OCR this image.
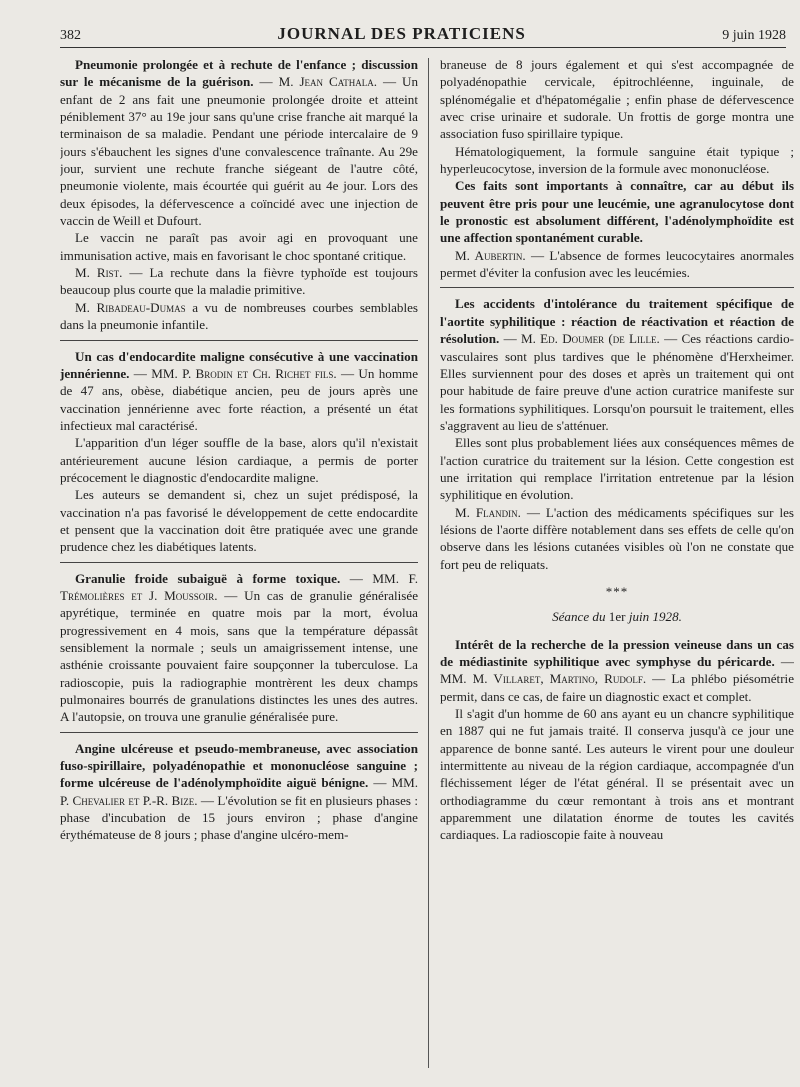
382	JOURNAL DES PRATICIENS	9 juin 1928

Pneumonie prolongée et à rechute de l'enfance ; discussion sur le mécanisme de la guérison. — M. Jean Cathala. — Un enfant de 2 ans fait une pneumonie prolongée droite et atteint péniblement 37° au 19e jour sans qu'une crise franche ait marqué la terminaison de sa maladie. Pendant une période intercalaire de 9 jours s'ébauchent les signes d'une convalescence traînante. Au 29e jour, survient une rechute franche siégeant de l'autre côté, pneumonie violente, mais écourtée qui guérit au 4e jour. Lors des deux épisodes, la défervescence a coïncidé avec une injection de vaccin de Weill et Dufourt.

Le vaccin ne paraît pas avoir agi en provoquant une immunisation active, mais en favorisant le choc spontané critique.

M. Rist. — La rechute dans la fièvre typhoïde est toujours beaucoup plus courte que la maladie primitive.

M. Ribadeau-Dumas a vu de nombreuses courbes semblables dans la pneumonie infantile.

Un cas d'endocardite maligne consécutive à une vaccination jennérienne. — MM. P. Brodin et Ch. Richet fils. — Un homme de 47 ans, obèse, diabétique ancien, peu de jours après une vaccination jennérienne avec forte réaction, a présenté un état infectieux mal caractérisé.

L'apparition d'un léger souffle de la base, alors qu'il n'existait antérieurement aucune lésion cardiaque, a permis de porter précocement le diagnostic d'endocardite maligne.

Les auteurs se demandent si, chez un sujet prédisposé, la vaccination n'a pas favorisé le développement de cette endocardite et pensent que la vaccination doit être pratiquée avec une grande prudence chez les diabétiques latents.

Granulie froide subaiguë à forme toxique. — MM. F. Trémolières et J. Moussoir. — Un cas de granulie généralisée apyrétique, terminée en quatre mois par la mort, évolua progressivement en 4 mois, sans que la température dépassât sensiblement la normale ; seuls un amaigrissement intense, une asthénie croissante pouvaient faire soupçonner la tuberculose. La radioscopie, puis la radiographie montrèrent les deux champs pulmonaires bourrés de granulations distinctes les unes des autres. A l'autopsie, on trouva une granulie généralisée pure.

Angine ulcéreuse et pseudo-membraneuse, avec association fuso-spirillaire, polyadénopathie et mononucléose sanguine ; forme ulcéreuse de l'adénolymphoïdite aiguë bénigne. — MM. P. Chevalier et P.-R. Bize. — L'évolution se fit en plusieurs phases : phase d'incubation de 15 jours environ ; phase d'angine érythémateuse de 8 jours ; phase d'angine ulcéro-mem-

braneuse de 8 jours également et qui s'est accompagnée de polyadénopathie cervicale, épitrochléenne, inguinale, de splénomégalie et d'hépatomégalie ; enfin phase de défervescence avec crise urinaire et sudorale. Un frottis de gorge montra une association fuso spirillaire typique.

Hématologiquement, la formule sanguine était typique ; hyperleucocytose, inversion de la formule avec mononucléose.

Ces faits sont importants à connaître, car au début ils peuvent être pris pour une leucémie, une agranulocytose dont le pronostic est absolument différent, l'adénolymphoïdite est une affection spontanément curable.

M. Aubertin. — L'absence de formes leucocytaires anormales permet d'éviter la confusion avec les leucémies.

Les accidents d'intolérance du traitement spécifique de l'aortite syphilitique : réaction de réactivation et réaction de résolution. — M. Ed. Doumer (de Lille. — Ces réactions cardio-vasculaires sont plus tardives que le phénomène d'Herxheimer. Elles surviennent pour des doses et après un traitement qui ont pour habitude de faire preuve d'une action curatrice manifeste sur les formations syphilitiques. Lorsqu'on poursuit le traitement, elles s'aggravent au lieu de s'atténuer.

Elles sont plus probablement liées aux conséquences mêmes de l'action curatrice du traitement sur la lésion. Cette congestion est une irritation qui remplace l'irritation entretenue par la lésion syphilitique en évolution.

M. Flandin. — L'action des médicaments spécifiques sur les lésions de l'aorte diffère notablement dans ses effets de celle qu'on observe dans les lésions cutanées visibles où l'on ne constate que fort peu de reliquats.

***
Séance du 1er juin 1928.

Intérêt de la recherche de la pression veineuse dans un cas de médiastinite syphilitique avec symphyse du péricarde. — MM. M. Villaret, Martino, Rudolf. — La phlébo piésométrie permit, dans ce cas, de faire un diagnostic exact et complet.

Il s'agit d'un homme de 60 ans ayant eu un chancre syphilitique en 1887 qui ne fut jamais traité. Il conserva jusqu'à ce jour une apparence de bonne santé. Les auteurs le virent pour une douleur intermittente au niveau de la région cardiaque, accompagnée d'un fléchissement léger de l'état général. Il se présentait avec un orthodiagramme du cœur remontant à trois ans et montrant apparemment une dilatation énorme de toutes les cavités cardiaques. La radioscopie faite à nouveau
